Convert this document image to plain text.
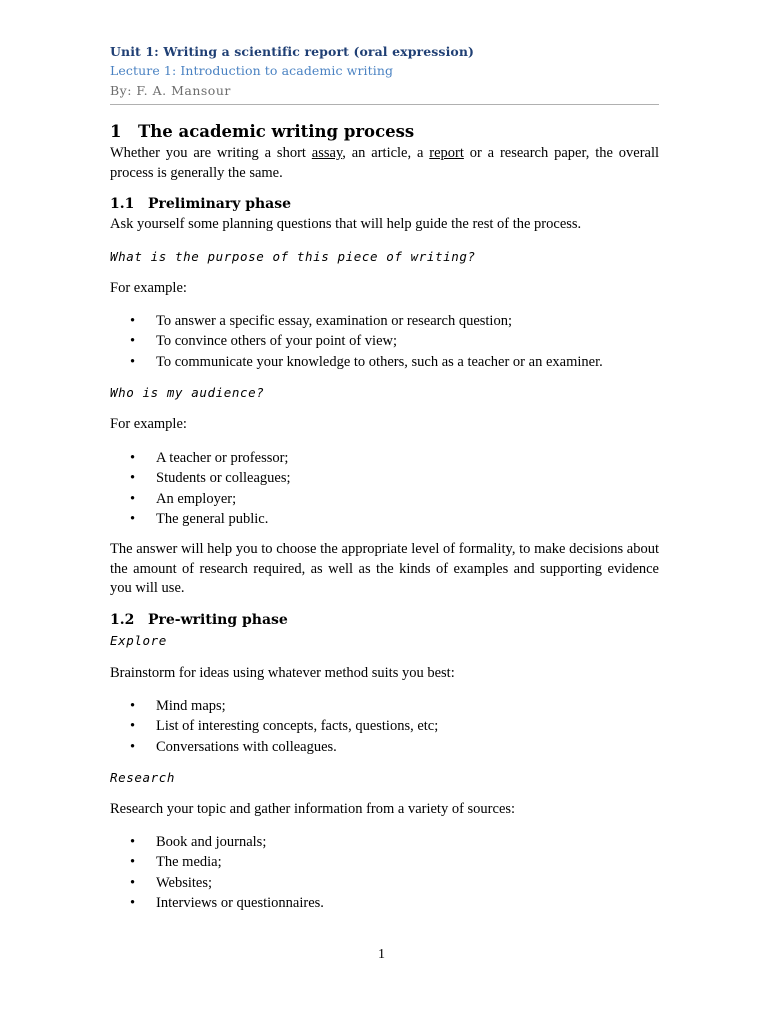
Unit 1: Writing a scientific report (oral expression)
Lecture 1: Introduction to academic writing
By: F. A. Mansour
1 The academic writing process
Whether you are writing a short assay, an article, a report or a research paper, the overall process is generally the same.
1.1 Preliminary phase
Ask yourself some planning questions that will help guide the rest of the process.
What is the purpose of this piece of writing?
For example:
• To answer a specific essay, examination or research question;
• To convince others of your point of view;
• To communicate your knowledge to others, such as a teacher or an examiner.
Who is my audience?
For example:
• A teacher or professor;
• Students or colleagues;
• An employer;
• The general public.
The answer will help you to choose the appropriate level of formality, to make decisions about the amount of research required, as well as the kinds of examples and supporting evidence you will use.
1.2 Pre-writing phase
Explore
Brainstorm for ideas using whatever method suits you best:
• Mind maps;
• List of interesting concepts, facts, questions, etc;
• Conversations with colleagues.
Research
Research your topic and gather information from a variety of sources:
• Book and journals;
• The media;
• Websites;
• Interviews or questionnaires.
1
